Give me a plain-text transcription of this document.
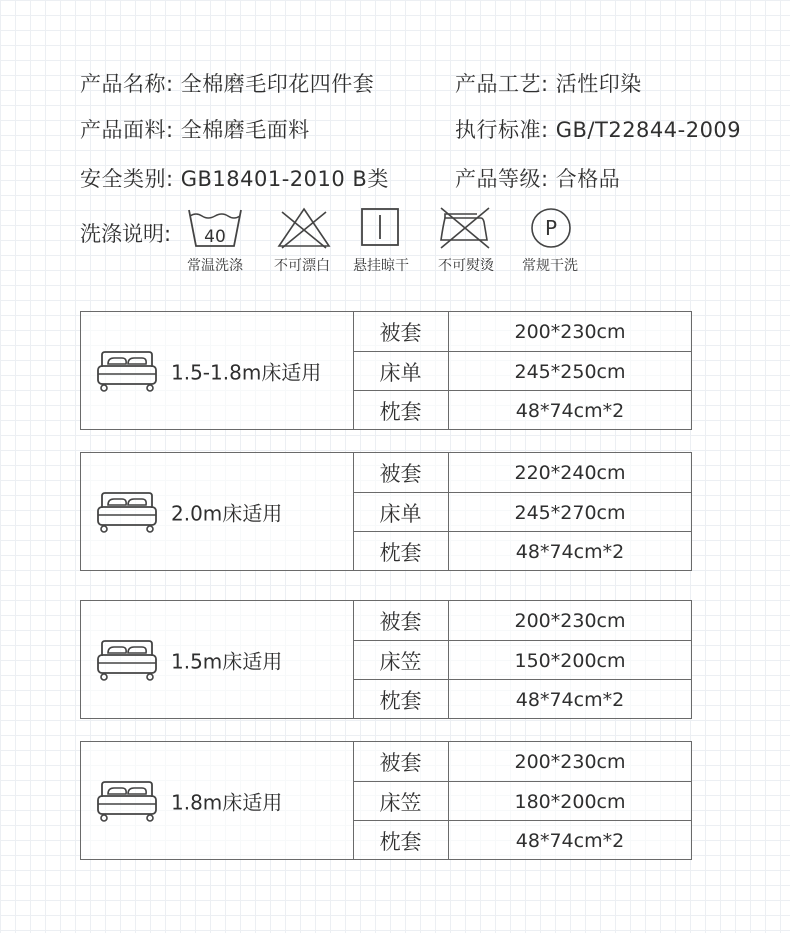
产品名称: 全棉磨毛印花四件套	产品工艺: 活性印染
产品面料: 全棉磨毛面料	执行标准: GB/T22844-2009
安全类别: GB18401-2010 B类	产品等级: 合格品
洗涤说明: 40	P
常温洗涤 不可漂白 悬挂晾干 不可熨烫 常规干洗
1.5-1.8m床适用
被套	200*230cm
床单	245*250cm
枕套	48*74cm*2
2.0m床适用
被套	220*240cm
床单	245*270cm
枕套	48*74cm*2
1.5m床适用
被套	200*230cm
床笠	150*200cm
枕套	48*74cm*2
1.8m床适用
被套	200*230cm
床笠	180*200cm
枕套	48*74cm*2
